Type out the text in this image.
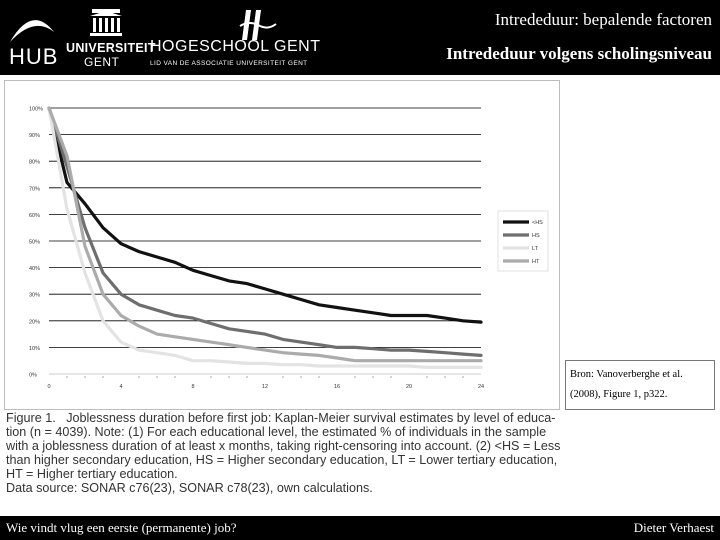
HUB UNIVERSITEIT
GENT
HOGESCHOOL GENT
LID VAN DE ASSOCIATIE UNIVERSITEIT GENT
Intrededuur: bepalende factoren
Intrededuur volgens scholingsniveau
0%
10%
20%
30%
40%
50%
60%
70%
80%
90%
100%
0	4	8	12	16	20	24
<HS
HS
LT
HT
Bron: Vanoverberghe et al.
(2008), Figure 1, p322.

Figure 1. Joblessness duration before first job: Kaplan-Meier survival estimates by level of educa-

tion (n = 4039). Note: (1) For each educational level, the estimated % of individuals in the sample

with a joblessness duration of at least x months, taking right-censoring into account. (2) <HS = Less

than higher secondary education, HS = Higher secondary education, LT = Lower tertiary education,

HT = Higher tertiary education.

Data source: SONAR c76(23), SONAR c78(23), own calculations.

Wie vindt vlug een eerste (permanente) job?	Dieter Verhaest
